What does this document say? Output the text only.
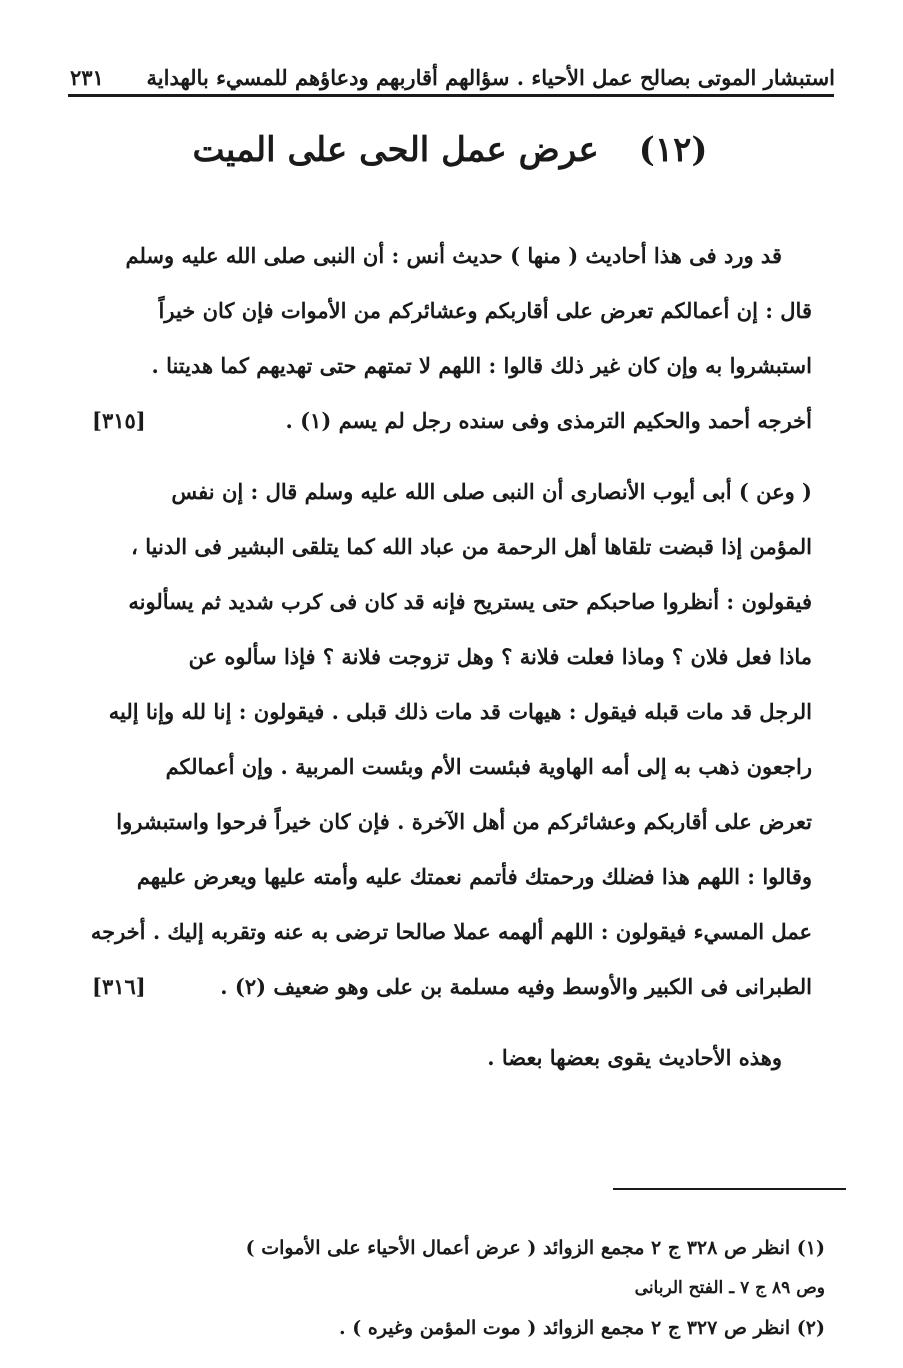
استبشار الموتى بصالح عمل الأحياء . سؤالهم أقاربهم ودعاؤهم للمسيء بالهداية
٢٣١
(١٢)عرض عمل الحى على الميت
قد ورد فى هذا أحاديث ( منها ) حديث أنس : أن النبى صلى الله عليه وسلم
قال : إن أعمالكم تعرض على أقاربكم وعشائركم من الأموات فإن كان خيراً
استبشروا به وإن كان غير ذلك قالوا : اللهم لا تمتهم حتى تهديهم كما هديتنا .
أخرجه أحمد والحكيم الترمذى وفى سنده رجل لم يسم (١) .
[٣١٥]
( وعن ) أبى أيوب الأنصارى أن النبى صلى الله عليه وسلم قال : إن نفس
المؤمن إذا قبضت تلقاها أهل الرحمة من عباد الله كما يتلقى البشير فى الدنيا ،
فيقولون : أنظروا صاحبكم حتى يستريح فإنه قد كان فى كرب شديد ثم يسألونه
ماذا فعل فلان ؟ وماذا فعلت فلانة ؟ وهل تزوجت فلانة ؟ فإذا سألوه عن
الرجل قد مات قبله فيقول : هيهات قد مات ذلك قبلى . فيقولون : إنا لله وإنا إليه
راجعون ذهب به إلى أمه الهاوية فبئست الأم وبئست المربية . وإن أعمالكم
تعرض على أقاربكم وعشائركم من أهل الآخرة . فإن كان خيراً فرحوا واستبشروا
وقالوا : اللهم هذا فضلك ورحمتك فأتمم نعمتك عليه وأمته عليها ويعرض عليهم
عمل المسيء فيقولون : اللهم ألهمه عملا صالحا ترضى به عنه وتقربه إليك . أخرجه
الطبرانى فى الكبير والأوسط وفيه مسلمة بن على وهو ضعيف (٢) .
[٣١٦]
وهذه الأحاديث يقوى بعضها بعضا .
(١) انظر ص ٣٢٨ ج ٢ مجمع الزوائد ( عرض أعمال الأحياء على الأموات )
وص ٨٩ ج ٧ ـ الفتح الربانى
(٢) انظر ص ٣٢٧ ج ٢ مجمع الزوائد ( موت المؤمن وغيره ) .
